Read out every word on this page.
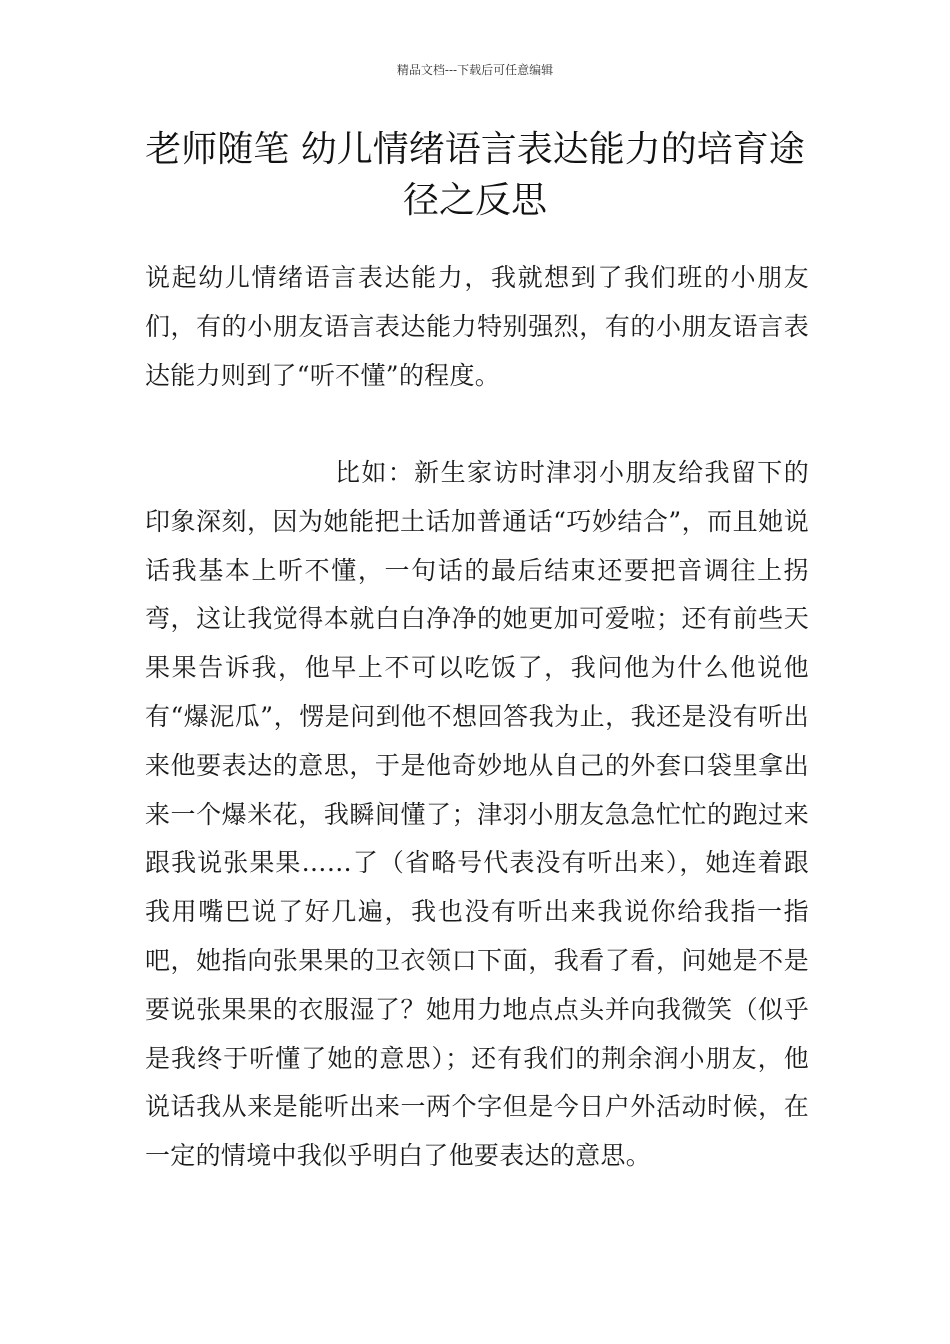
精品文档---下载后可任意编辑
老师随笔 幼儿情绪语言表达能力的培育途径之反思

说起幼儿情绪语言表达能力，我就想到了我们班的小朋友们，有的小朋友语言表达能力特别强烈，有的小朋友语言表达能力则到了“听不懂”的程度。

比如：新生家访时津羽小朋友给我留下的印象深刻，因为她能把土话加普通话“巧妙结合”，而且她说话我基本上听不懂，一句话的最后结束还要把音调往上拐弯，这让我觉得本就白白净净的她更加可爱啦；还有前些天果果告诉我，他早上不可以吃饭了，我问他为什么他说他有“爆泥瓜”，愣是问到他不想回答我为止，我还是没有听出来他要表达的意思，于是他奇妙地从自己的外套口袋里拿出来一个爆米花，我瞬间懂了；津羽小朋友急急忙忙的跑过来跟我说张果果……了（省略号代表没有听出来），她连着跟我用嘴巴说了好几遍，我也没有听出来我说你给我指一指吧，她指向张果果的卫衣领口下面，我看了看，问她是不是要说张果果的衣服湿了？她用力地点点头并向我微笑（似乎是我终于听懂了她的意思）；还有我们的荆余润小朋友，他说话我从来是能听出来一两个字但是今日户外活动时候，在一定的情境中我似乎明白了他要表达的意思。
